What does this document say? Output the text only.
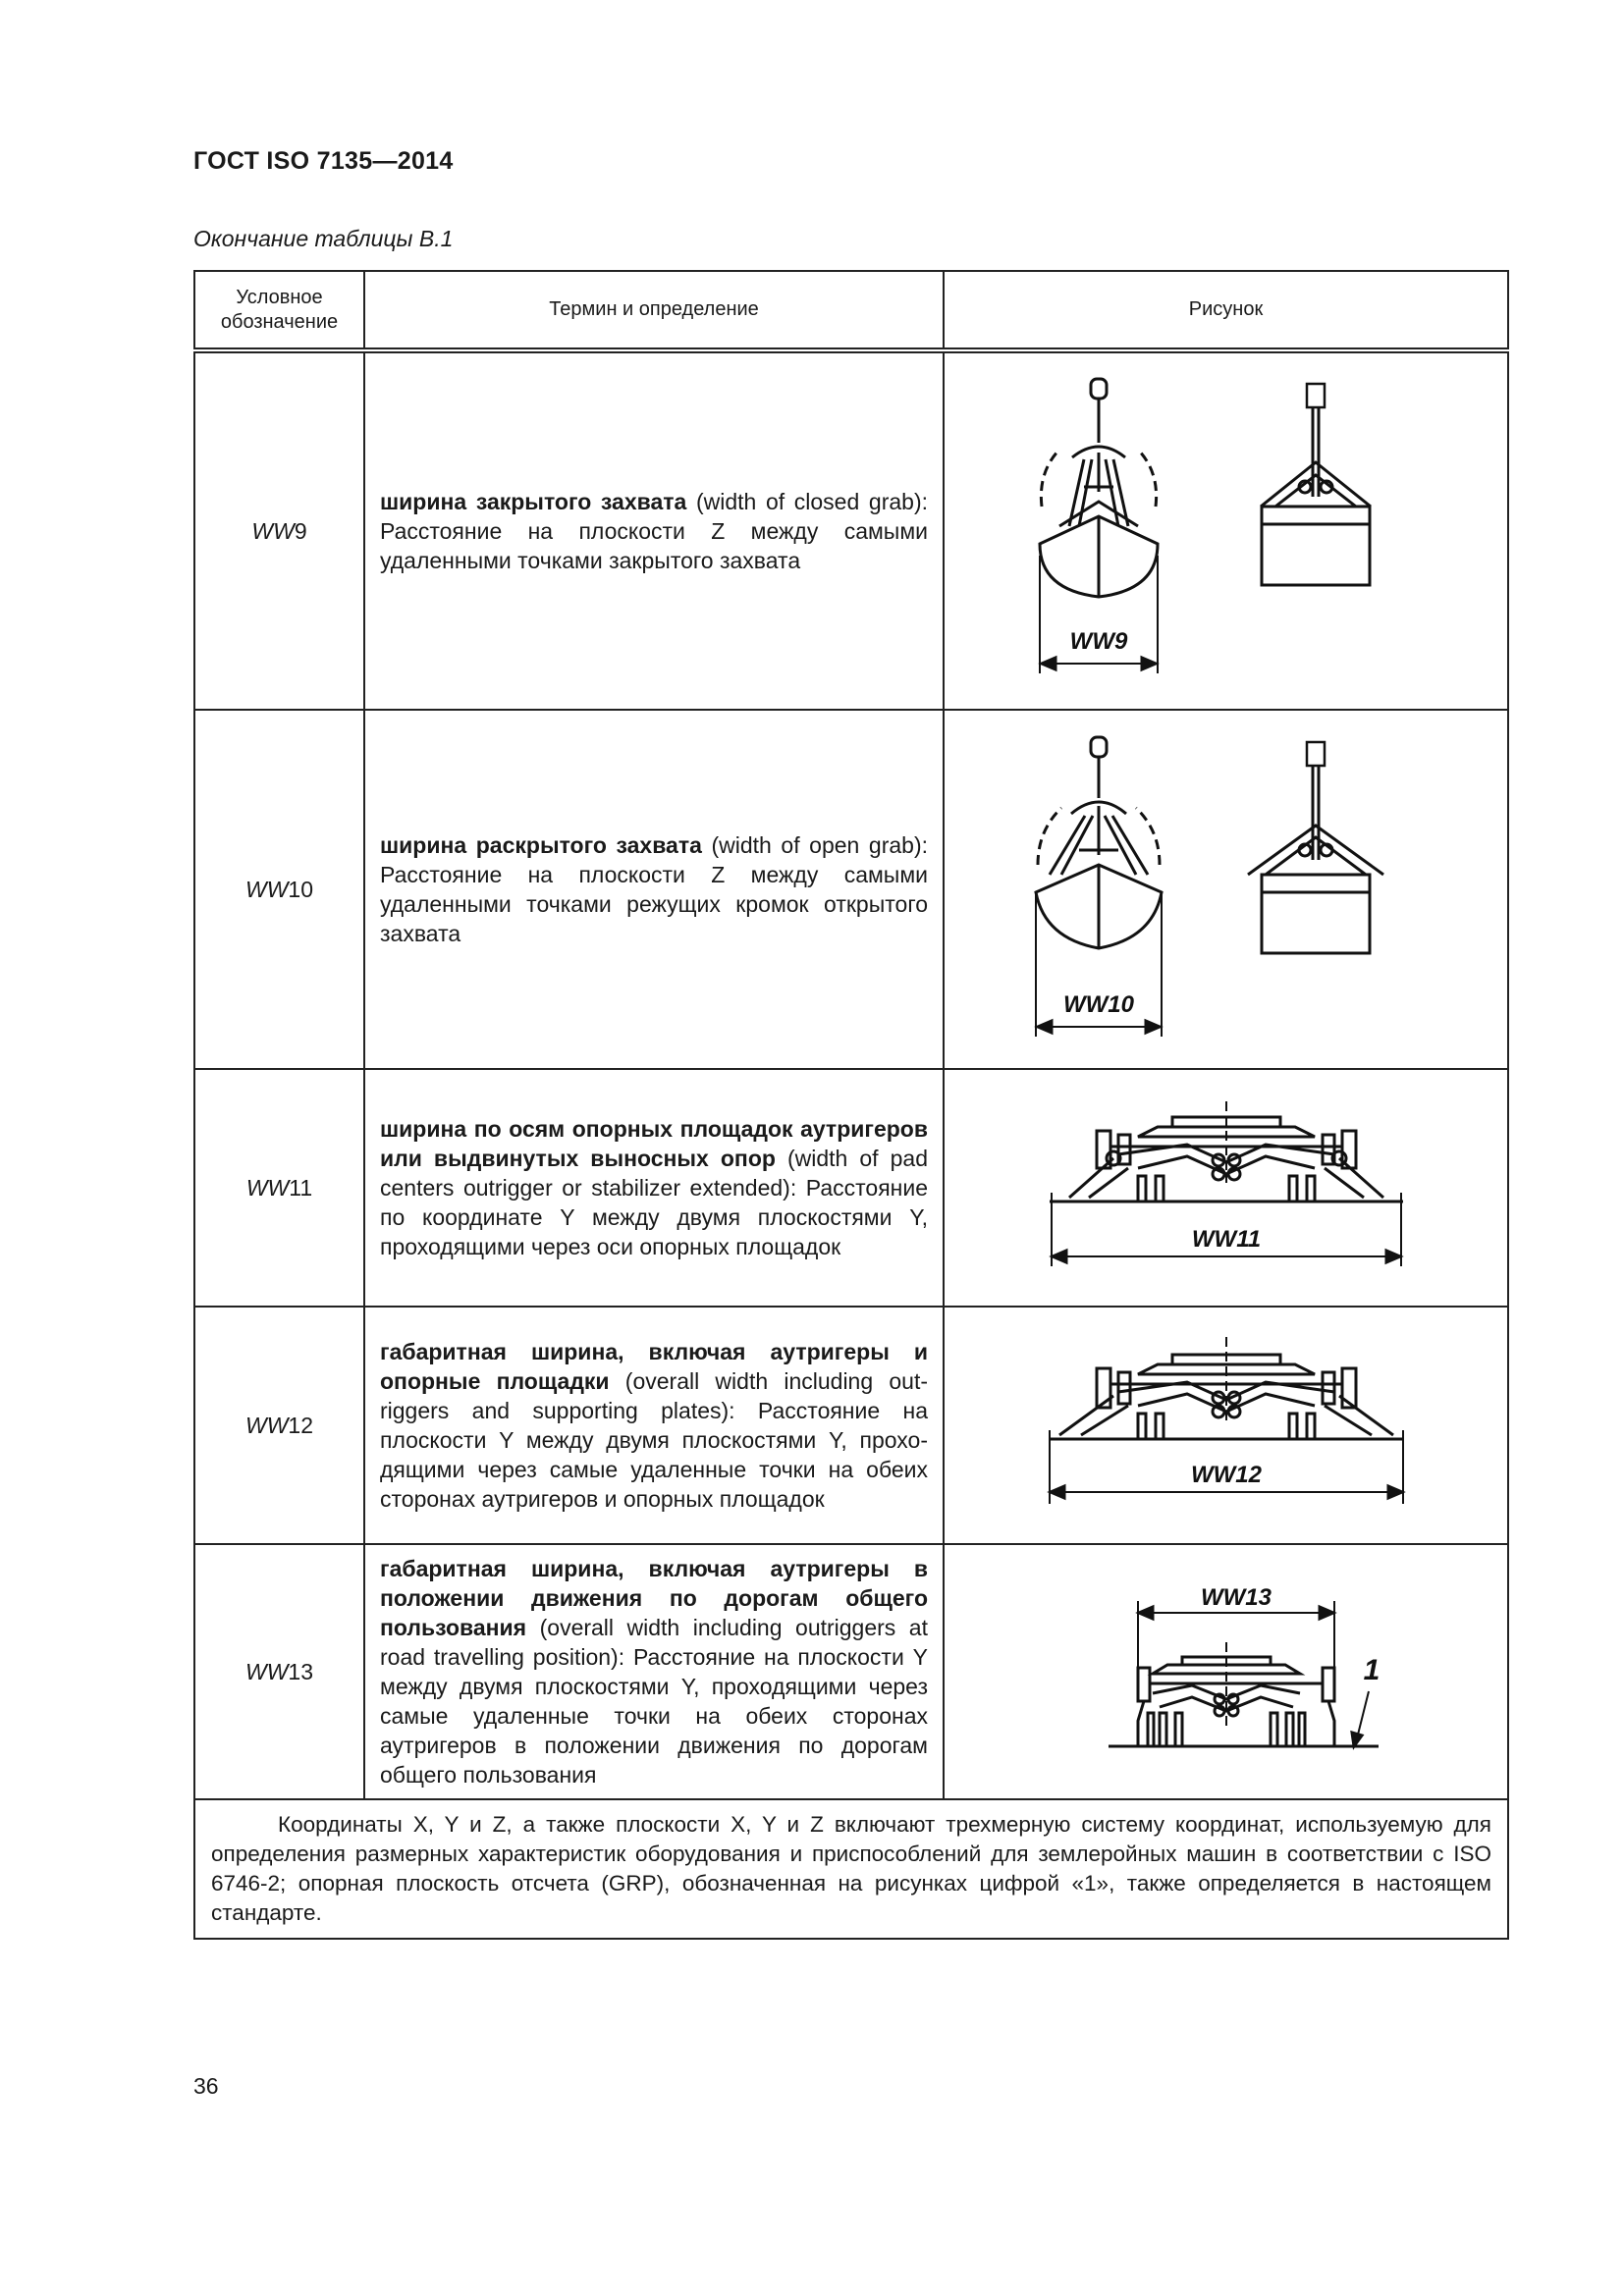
ГОСТ ISO 7135—2014
Окончание таблицы В.1
Условное
обозначение	Термин и определение	Рисунок
WW9	ширина закрытого захвата (width of closed grab): Расстояние на плоскости Z между самыми удаленными точками закрытого захвата	WW9

WW10	ширина раскрытого захвата (width of open grab): Расстояние на плоскости Z между самыми удаленными точками режущих кромок открытого захвата	WW10

WW11	ширина по осям опорных площадок аутригеров или выдвинутых выносных опор (width of pad centers outrigger or stabilizer extended): Расстояние по координате Y между двумя плоскостями Y, проходящими через оси опорных площадок	WW11

WW12	габаритная ширина, включая аутригеры и опорные площадки (overall width including outriggers and supporting plates): Расстояние на плоскости Y между двумя плоскостями Y, проходящими через самые удаленные точки на обеих сторонах аутригеров и опорных площадок	WW12

WW13	габаритная ширина, включая аутригеры в положении движения по дорогам общего пользования (overall width including outriggers at road travelling position): Расстояние на плоскости Y между двумя плоскостями Y, проходящими через самые удаленные точки на обеих сторонах аутригеров в положении движения по дорогам общего пользования	WW13
1

Координаты X, Y и Z, а также плоскости X, Y и Z включают трехмерную систему координат, используемую для определения размерных характеристик оборудования и приспособлений для землеройных машин в соответствии с ISO 6746-2; опорная плоскость отсчета (GRP), обозначенная на рисунках цифрой «1», также определяется в настоящем стандарте.		
36
